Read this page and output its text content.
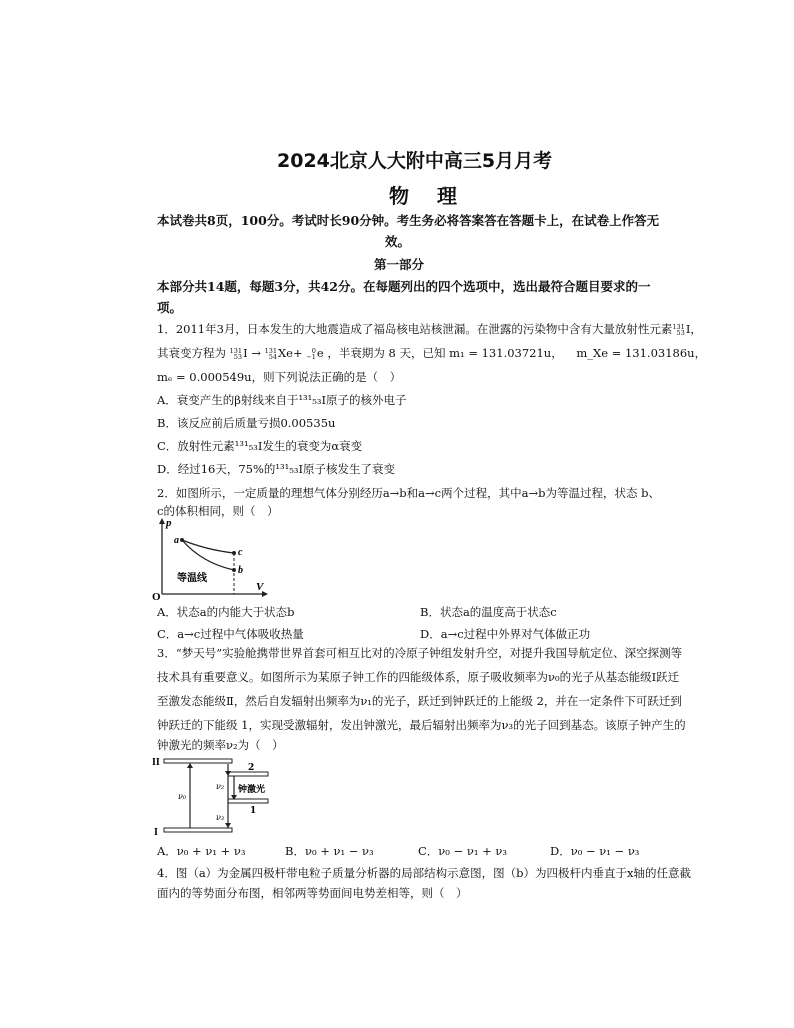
2024北京人大附中高三5月月考
物理
本试卷共8页，100分。考试时长90分钟。考生务必将答案答在答题卡上，在试卷上作答无
效。
第一部分
本部分共14题，每题3分，共42分。在每题列出的四个选项中，选出最符合题目要求的一
项。
1．2011年3月，日本发生的大地震造成了福岛核电站核泄漏。在泄露的污染物中含有大量放射性元素 131
53 I，
其衰变方程为 131
53 I → 131
54 Xe+ 0
−1 e ，半衰期为 8 天，已知 m₁ = 131.03721u， m_Xe = 131.03186u，
mₑ = 0.000549u，则下列说法正确的是（　）
A．衰变产生的β射线来自于¹³¹₅₃I原子的核外电子
B．该反应前后质量亏损0.00535u
C．放射性元素¹³¹₅₃I发生的衰变为α衰变
D．经过16天，75%的¹³¹₅₃I原子核发生了衰变
2．如图所示，一定质量的理想气体分别经历a→b和a→c两个过程，其中a→b为等温过程，状态 b、
c的体积相同，则（　）
p
V
O
a
c
b
等温线
A．状态a的内能大于状态b	B．状态a的温度高于状态c
C．a→c过程中气体吸收热量	D．a→c过程中外界对气体做正功
3．“梦天号”实验舱携带世界首套可相互比对的冷原子钟组发射升空，对提升我国导航定位、深空探测等
技术具有重要意义。如图所示为某原子钟工作的四能级体系，原子吸收频率为ν₀的光子从基态能级Ⅰ跃迁
至激发态能级Ⅱ，然后自发辐射出频率为ν₁的光子，跃迁到钟跃迁的上能级 2，并在一定条件下可跃迁到
钟跃迁的下能级 1，实现受激辐射，发出钟激光，最后辐射出频率为ν₃的光子回到基态。该原子钟产生的
钟激光的频率ν₂为（　）
II
I
2
1
ν₀
ν₂
ν₃
钟激光
A．ν₀ + ν₁ + ν₃	B．ν₀ + ν₁ − ν₃	C．ν₀ − ν₁ + ν₃	D．ν₀ − ν₁ − ν₃
4．图（a）为金属四极杆带电粒子质量分析器的局部结构示意图，图（b）为四极杆内垂直于x轴的任意截
面内的等势面分布图，相邻两等势面间电势差相等，则（　）
